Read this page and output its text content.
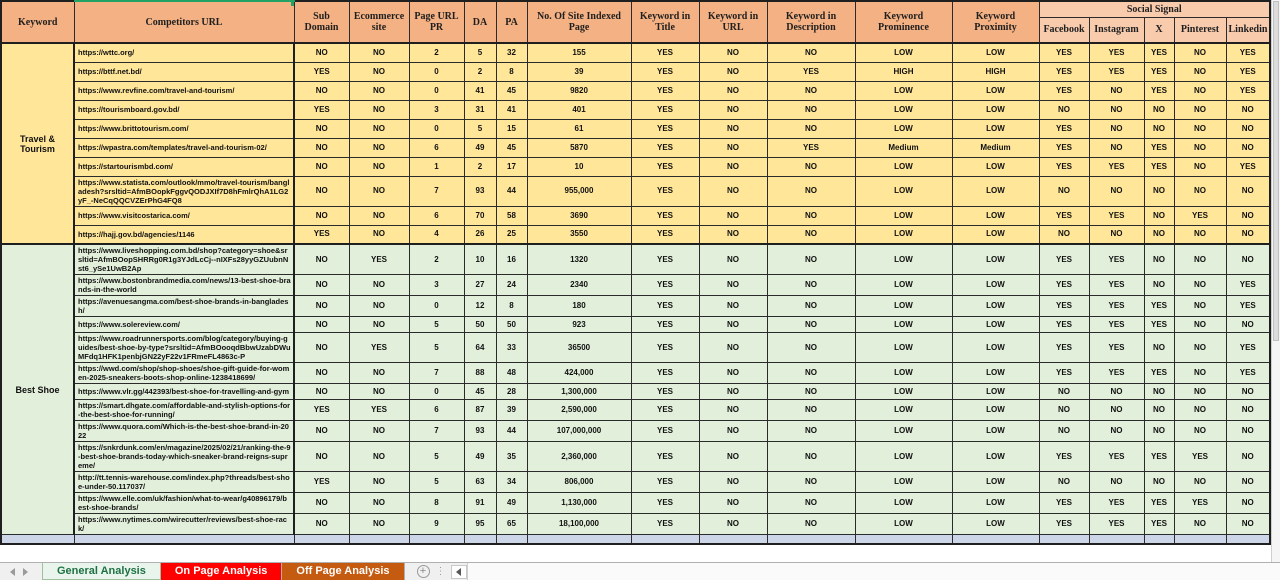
Keyword	Competitors URL	Sub Domain	Ecommerce site	Page URL PR	DA	PA	No. Of Site Indexed Page	Keyword in Title	Keyword in URL	Keyword in Description	Keyword Prominence	Keyword Proximity	Social Signal				
													Facebook	Instagram	X	Pinterest	Linkedin
Travel & Tourism	https://wttc.org/	NO	NO	2	5	32	155	YES	NO	NO	LOW	LOW	YES	YES	YES	NO	YES
	https://bttf.net.bd/	YES	NO	0	2	8	39	YES	NO	YES	HIGH	HIGH	YES	YES	YES	NO	YES
	https://www.revfine.com/travel-and-tourism/	NO	NO	0	41	45	9820	YES	NO	NO	LOW	LOW	YES	NO	YES	NO	YES
	https://tourismboard.gov.bd/	YES	NO	3	31	41	401	YES	NO	NO	LOW	LOW	NO	NO	NO	NO	NO
	https://www.brittotourism.com/	NO	NO	0	5	15	61	YES	NO	NO	LOW	LOW	YES	NO	NO	NO	NO
	https://wpastra.com/templates/travel-and-tourism-02/	NO	NO	6	49	45	5870	YES	NO	YES	Medium	Medium	YES	NO	YES	NO	NO
	https://startourismbd.com/	NO	NO	1	2	17	10	YES	NO	NO	LOW	LOW	YES	YES	YES	NO	YES
	https://www.statista.com/outlook/mmo/travel-tourism/bangladesh?srsltid=AfmBOopkFggvQODJXIf7D8hFmlrQhA1LG2yF_-NeCqQQCVZErPhG4FQ8	NO	NO	7	93	44	955,000	YES	NO	NO	LOW	LOW	NO	NO	NO	NO	NO
	https://www.visitcostarica.com/	NO	NO	6	70	58	3690	YES	NO	NO	LOW	LOW	YES	YES	NO	YES	NO
	https://hajj.gov.bd/agencies/1146	YES	NO	4	26	25	3550	YES	NO	NO	LOW	LOW	NO	NO	NO	NO	NO
Best Shoe	https://www.liveshopping.com.bd/shop?category=shoe&srsltid=AfmBOopSHRRg0R1g3YJdLcCj--nIXFs28yyGZUubnNst6_ySe1UwB2Ap	NO	YES	2	10	16	1320	YES	NO	NO	LOW	LOW	YES	YES	NO	NO	NO
	https://www.bostonbrandmedia.com/news/13-best-shoe-brands-in-the-world	NO	NO	3	27	24	2340	YES	NO	NO	LOW	LOW	YES	YES	NO	NO	YES
	https://avenuesangma.com/best-shoe-brands-in-bangladesh/	NO	NO	0	12	8	180	YES	NO	NO	LOW	LOW	YES	YES	YES	NO	YES
	https://www.solereview.com/	NO	NO	5	50	50	923	YES	NO	NO	LOW	LOW	YES	YES	YES	NO	NO
	https://www.roadrunnersports.com/blog/category/buying-guides/best-shoe-by-type?srsltid=AfmBOooqdBbwUzabDWuMFdq1HFK1penbjGN22yF22v1FRmeFL4863c-P	NO	YES	5	64	33	36500	YES	NO	NO	LOW	LOW	YES	YES	NO	NO	YES
	https://wwd.com/shop/shop-shoes/shoe-gift-guide-for-women-2025-sneakers-boots-shop-online-1238418699/	NO	NO	7	88	48	424,000	YES	NO	NO	LOW	LOW	YES	YES	YES	NO	YES
	https://www.vlr.gg/442393/best-shoe-for-travelling-and-gym	NO	NO	0	45	28	1,300,000	YES	NO	NO	LOW	LOW	NO	NO	NO	NO	NO
	https://smart.dhgate.com/affordable-and-stylish-options-for-the-best-shoe-for-running/	YES	YES	6	87	39	2,590,000	YES	NO	NO	LOW	LOW	NO	NO	NO	NO	NO
	https://www.quora.com/Which-is-the-best-shoe-brand-in-2022	NO	NO	7	93	44	107,000,000	YES	NO	NO	LOW	LOW	NO	NO	NO	NO	NO
	https://snkrdunk.com/en/magazine/2025/02/21/ranking-the-9-best-shoe-brands-today-which-sneaker-brand-reigns-supreme/	NO	NO	5	49	35	2,360,000	YES	NO	NO	LOW	LOW	YES	YES	YES	YES	NO
	http://tt.tennis-warehouse.com/index.php?threads/best-shoe-under-50.117037/	YES	NO	5	63	34	806,000	YES	NO	NO	LOW	LOW	NO	NO	NO	NO	NO
	https://www.elle.com/uk/fashion/what-to-wear/g40896179/best-shoe-brands/	NO	NO	8	91	49	1,130,000	YES	NO	NO	LOW	LOW	YES	YES	YES	YES	NO
	https://www.nytimes.com/wirecutter/reviews/best-shoe-rack/	NO	NO	9	95	65	18,100,000	YES	NO	NO	LOW	LOW	YES	YES	YES	NO	NO

General Analysis	On Page Analysis	Off Page Analysis	+ ⋮
